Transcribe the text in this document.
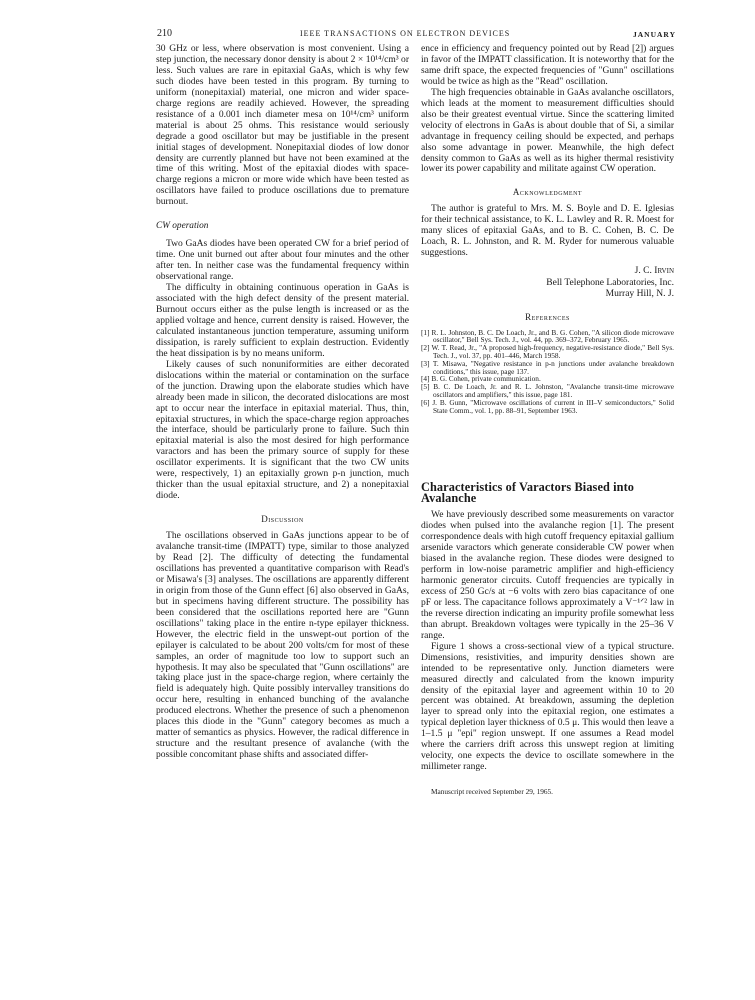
210	IEEE TRANSACTIONS ON ELECTRON DEVICES	JANUARY

30 GHz or less, where observation is most convenient. Using a step junction, the necessary donor density is about 2 × 10¹⁴/cm³ or less. Such values are rare in epitaxial GaAs, which is why few such diodes have been tested in this program. By turning to uniform (nonepitaxial) material, one micron and wider space-charge regions are readily achieved. However, the spreading resistance of a 0.001 inch diameter mesa on 10¹⁴/cm³ uniform material is about 25 ohms. This resistance would seriously degrade a good oscillator but may be justifiable in the present initial stages of development. Nonepitaxial diodes of low donor density are currently planned but have not been examined at the time of this writing. Most of the epitaxial diodes with space-charge regions a micron or more wide which have been tested as oscillators have failed to produce oscillations due to premature burnout.

CW operation

Two GaAs diodes have been operated CW for a brief period of time. One unit burned out after about four minutes and the other after ten. In neither case was the fundamental frequency within observational range.

The difficulty in obtaining continuous operation in GaAs is associated with the high defect density of the present material. Burnout occurs either as the pulse length is increased or as the applied voltage and hence, current density is raised. However, the calculated instantaneous junction temperature, assuming uniform dissipation, is rarely sufficient to explain destruction. Evidently the heat dissipation is by no means uniform.

Likely causes of such nonuniformities are either decorated dislocations within the material or contamination on the surface of the junction. Drawing upon the elaborate studies which have already been made in silicon, the decorated dislocations are most apt to occur near the interface in epitaxial material. Thus, thin, epitaxial structures, in which the space-charge region approaches the interface, should be particularly prone to failure. Such thin epitaxial material is also the most desired for high performance varactors and has been the primary source of supply for these oscillator experiments. It is significant that the two CW units were, respectively, 1) an epitaxially grown p-n junction, much thicker than the usual epitaxial structure, and 2) a nonepitaxial diode.

Discussion

The oscillations observed in GaAs junctions appear to be of avalanche transit-time (IMPATT) type, similar to those analyzed by Read [2]. The difficulty of detecting the fundamental oscillations has prevented a quantitative comparison with Read's or Misawa's [3] analyses. The oscillations are apparently different in origin from those of the Gunn effect [6] also observed in GaAs, but in specimens having different structure. The possibility has been considered that the oscillations reported here are "Gunn oscillations" taking place in the entire n-type epilayer thickness. However, the electric field in the unswept-out portion of the epilayer is calculated to be about 200 volts/cm for most of these samples, an order of magnitude too low to support such an hypothesis. It may also be speculated that "Gunn oscillations" are taking place just in the space-charge region, where certainly the field is adequately high. Quite possibly intervalley transitions do occur here, resulting in enhanced bunching of the avalanche produced electrons. Whether the presence of such a phenomenon places this diode in the "Gunn" category becomes as much a matter of semantics as physics. However, the radical difference in structure and the resultant presence of avalanche (with the possible concomitant phase shifts and associated differ-

ence in efficiency and frequency pointed out by Read [2]) argues in favor of the IMPATT classification. It is noteworthy that for the same drift space, the expected frequencies of "Gunn" oscillations would be twice as high as the "Read" oscillation.

The high frequencies obtainable in GaAs avalanche oscillators, which leads at the moment to measurement difficulties should also be their greatest eventual virtue. Since the scattering limited velocity of electrons in GaAs is about double that of Si, a similar advantage in frequency ceiling should be expected, and perhaps also some advantage in power. Meanwhile, the high defect density common to GaAs as well as its higher thermal resistivity lower its power capability and militate against CW operation.

Acknowledgment

The author is grateful to Mrs. M. S. Boyle and D. E. Iglesias for their technical assistance, to K. L. Lawley and R. R. Moest for many slices of epitaxial GaAs, and to B. C. Cohen, B. C. De Loach, R. L. Johnston, and R. M. Ryder for numerous valuable suggestions.

J. C. Irvin
Bell Telephone Laboratories, Inc.
Murray Hill, N. J.
References
[1] R. L. Johnston, B. C. De Loach, Jr., and B. G. Cohen, "A silicon diode microwave oscillator," Bell Sys. Tech. J., vol. 44, pp. 369–372, February 1965.
[2] W. T. Read, Jr., "A proposed high-frequency, negative-resistance diode," Bell Sys. Tech. J., vol. 37, pp. 401–446, March 1958.
[3] T. Misawa, "Negative resistance in p-n junctions under avalanche breakdown conditions," this issue, page 137.
[4] B. G. Cohen, private communication.
[5] B. C. De Loach, Jr. and R. L. Johnston, "Avalanche transit-time microwave oscillators and amplifiers," this issue, page 181.
[6] J. B. Gunn, "Microwave oscillations of current in III–V semiconductors," Solid State Comm., vol. 1, pp. 88–91, September 1963.
Characteristics of Varactors Biased into Avalanche

We have previously described some measurements on varactor diodes when pulsed into the avalanche region [1]. The present correspondence deals with high cutoff frequency epitaxial gallium arsenide varactors which generate considerable CW power when biased in the avalanche region. These diodes were designed to perform in low-noise parametric amplifier and high-efficiency harmonic generator circuits. Cutoff frequencies are typically in excess of 250 Gc/s at −6 volts with zero bias capacitance of one pF or less. The capacitance follows approximately a V⁻¹ᐟ² law in the reverse direction indicating an impurity profile somewhat less than abrupt. Breakdown voltages were typically in the 25–36 V range.

Figure 1 shows a cross-sectional view of a typical structure. Dimensions, resistivities, and impurity densities shown are intended to be representative only. Junction diameters were measured directly and calculated from the known impurity density of the epitaxial layer and agreement within 10 to 20 percent was obtained. At breakdown, assuming the depletion layer to spread only into the epitaxial region, one estimates a typical depletion layer thickness of 0.5 μ. This would then leave a 1–1.5 μ "epi" region unswept. If one assumes a Read model where the carriers drift across this unswept region at limiting velocity, one expects the device to oscillate somewhere in the millimeter range.

Manuscript received September 29, 1965.
